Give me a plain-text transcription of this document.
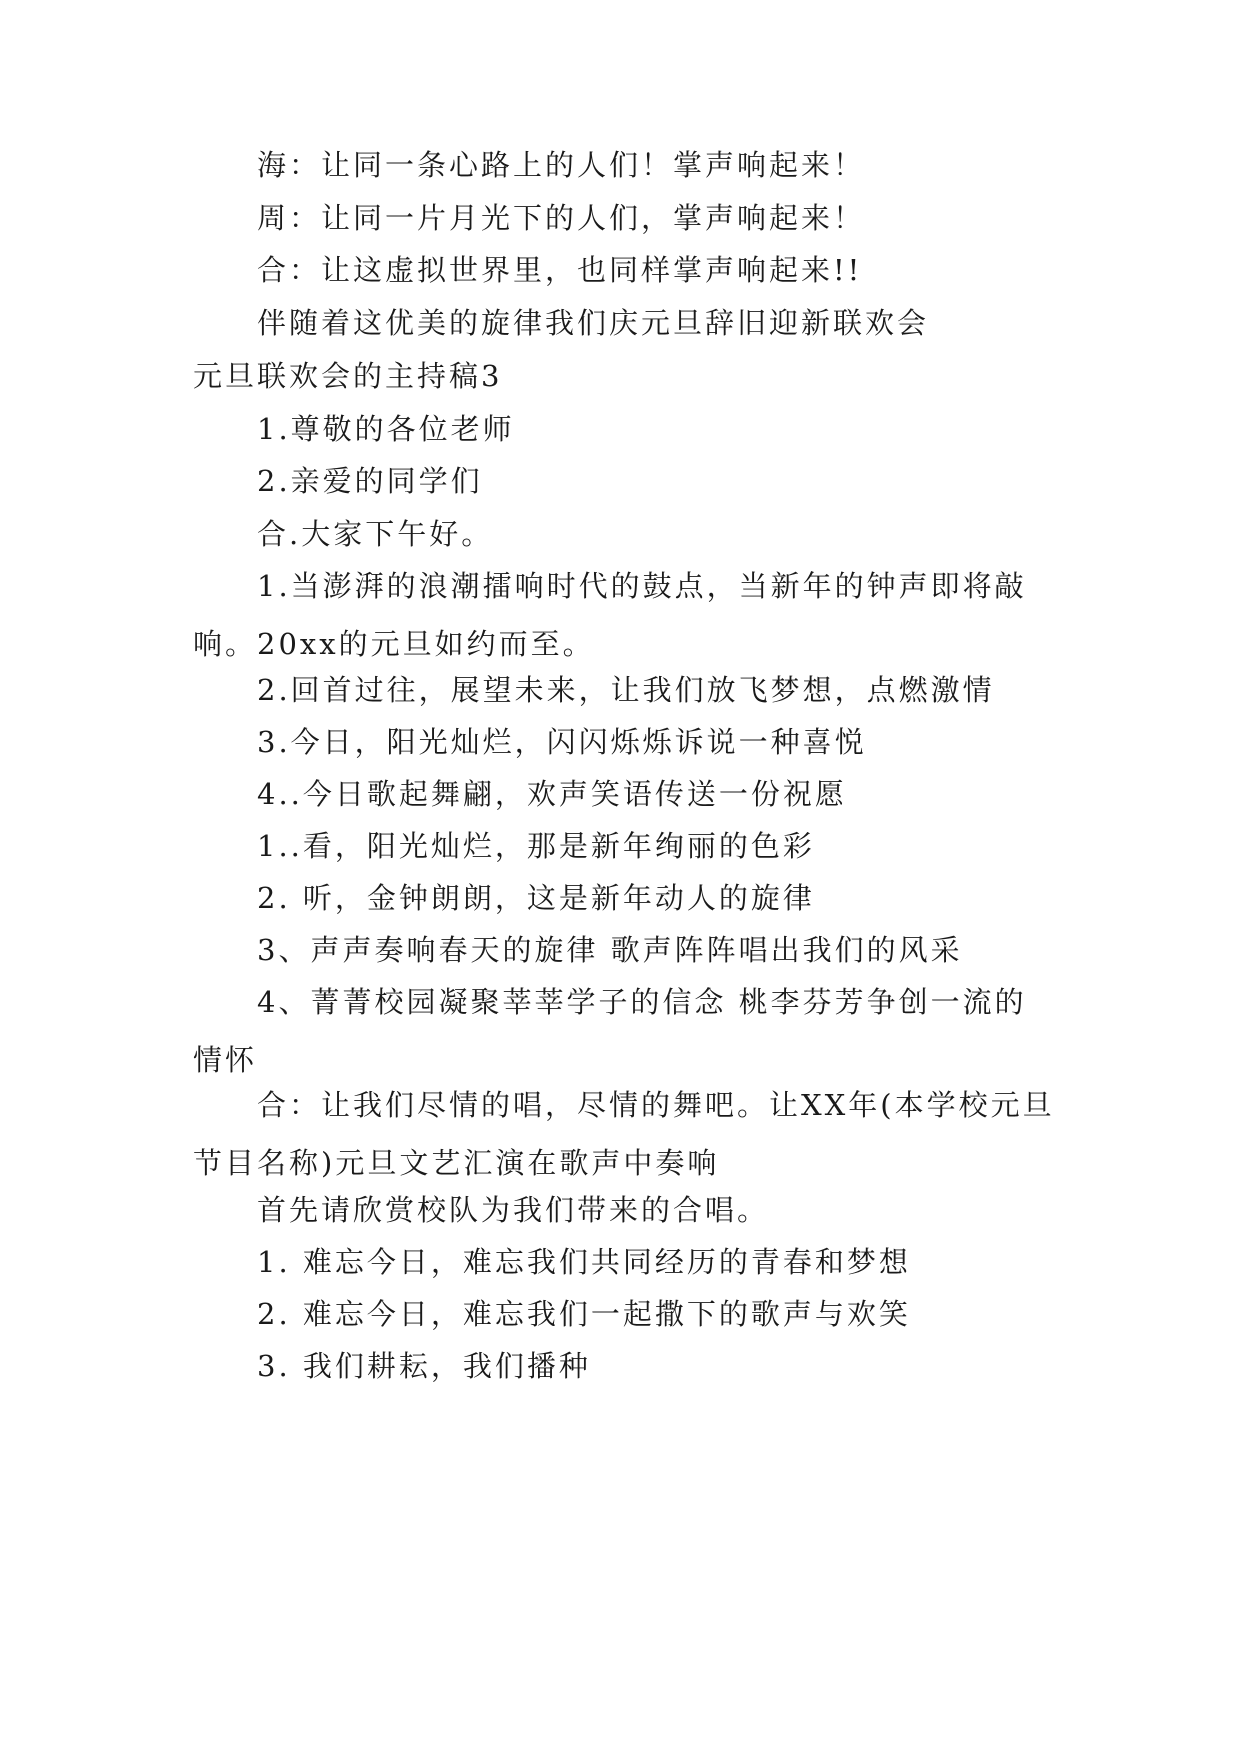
海：让同一条心路上的人们！掌声响起来！

周：让同一片月光下的人们，掌声响起来！

合：让这虚拟世界里，也同样掌声响起来!!

伴随着这优美的旋律我们庆元旦辞旧迎新联欢会

元旦联欢会的主持稿3

1.尊敬的各位老师

2.亲爱的同学们

合.大家下午好。

1.当澎湃的浪潮擂响时代的鼓点，当新年的钟声即将敲响。20xx的元旦如约而至。

2.回首过往，展望未来，让我们放飞梦想，点燃激情

3.今日，阳光灿烂，闪闪烁烁诉说一种喜悦

4..今日歌起舞翩，欢声笑语传送一份祝愿

1..看，阳光灿烂，那是新年绚丽的色彩

2. 听，金钟朗朗，这是新年动人的旋律

3、声声奏响春天的旋律 歌声阵阵唱出我们的风采

4、菁菁校园凝聚莘莘学子的信念 桃李芬芳争创一流的情怀

合：让我们尽情的唱，尽情的舞吧。让XX年(本学校元旦节目名称)元旦文艺汇演在歌声中奏响

首先请欣赏校队为我们带来的合唱。

1. 难忘今日，难忘我们共同经历的青春和梦想

2. 难忘今日，难忘我们一起撒下的歌声与欢笑

3. 我们耕耘，我们播种
